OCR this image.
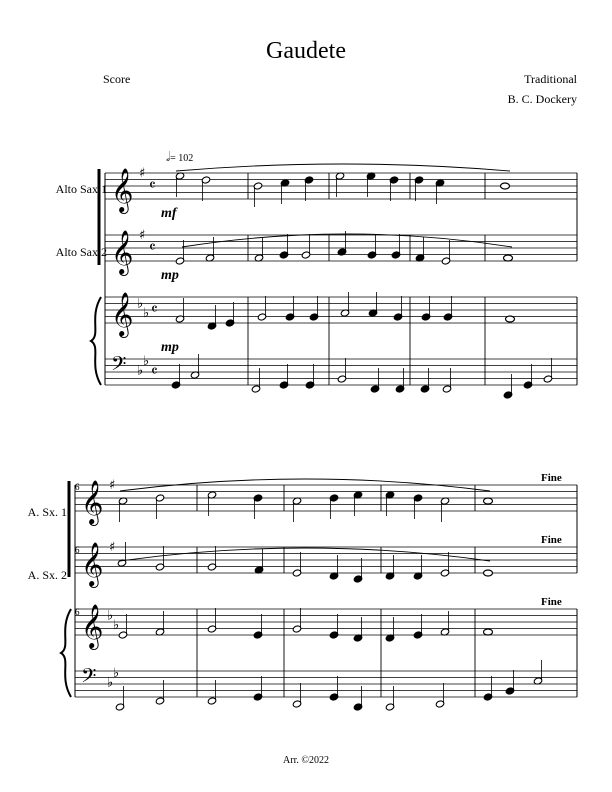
Gaudete
Score	Traditional
B. C. Dockery
𝅗𝅥= 102
Alto Sax 1
Alto Sax 2
mf
mp
mp
6
6
6
A. Sx. 1
A. Sx. 2
Fine
Fine
Fine
Arr. ©2022
𝄞 ♯
𝄴
𝄞 ♯
𝄴
𝄞 ♭
♭ 𝄴
𝄢 ♭
♭
𝄴
𝄞 ♯
𝄞 ♯
𝄞 ♭
♭
𝄢 ♭
♭
